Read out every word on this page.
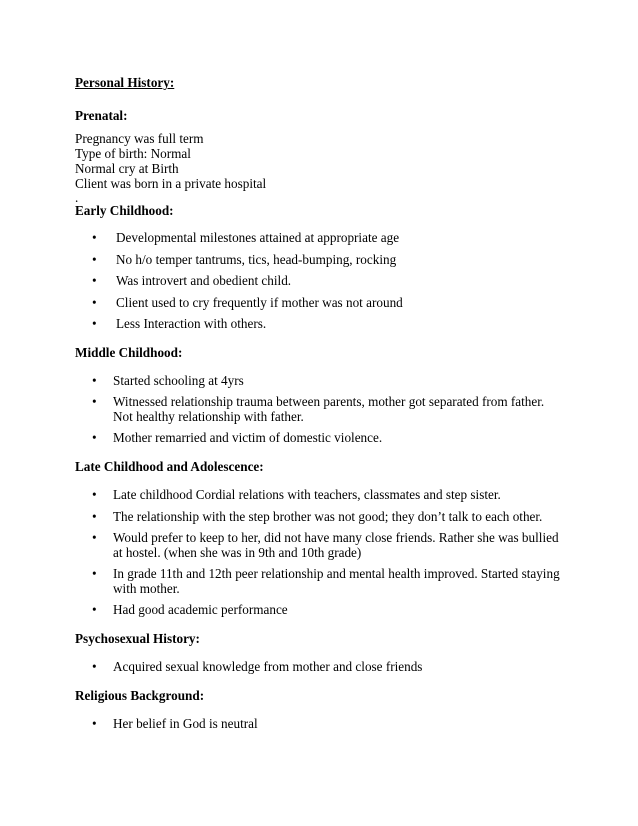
Personal History:
Prenatal:
Pregnancy was full term
Type of birth: Normal
Normal cry at Birth
Client was born in a private hospital
.
Early Childhood:
• Developmental milestones attained at appropriate age
• No h/o temper tantrums, tics, head-bumping, rocking
• Was introvert and obedient child.
• Client used to cry frequently if mother was not around
• Less Interaction with others.
Middle Childhood:
• Started schooling at 4yrs
• Witnessed relationship trauma between parents, mother got separated from father. Not healthy relationship with father.
• Mother remarried and victim of domestic violence.
Late Childhood and Adolescence:
• Late childhood Cordial relations with teachers, classmates and step sister.
• The relationship with the step brother was not good; they don’t talk to each other.
• Would prefer to keep to her, did not have many close friends. Rather she was bullied at hostel. (when she was in 9th and 10th grade)
• In grade 11th and 12th peer relationship and mental health improved. Started staying with mother.
• Had good academic performance
Psychosexual History:
• Acquired sexual knowledge from mother and close friends
Religious Background:
• Her belief in God is neutral
